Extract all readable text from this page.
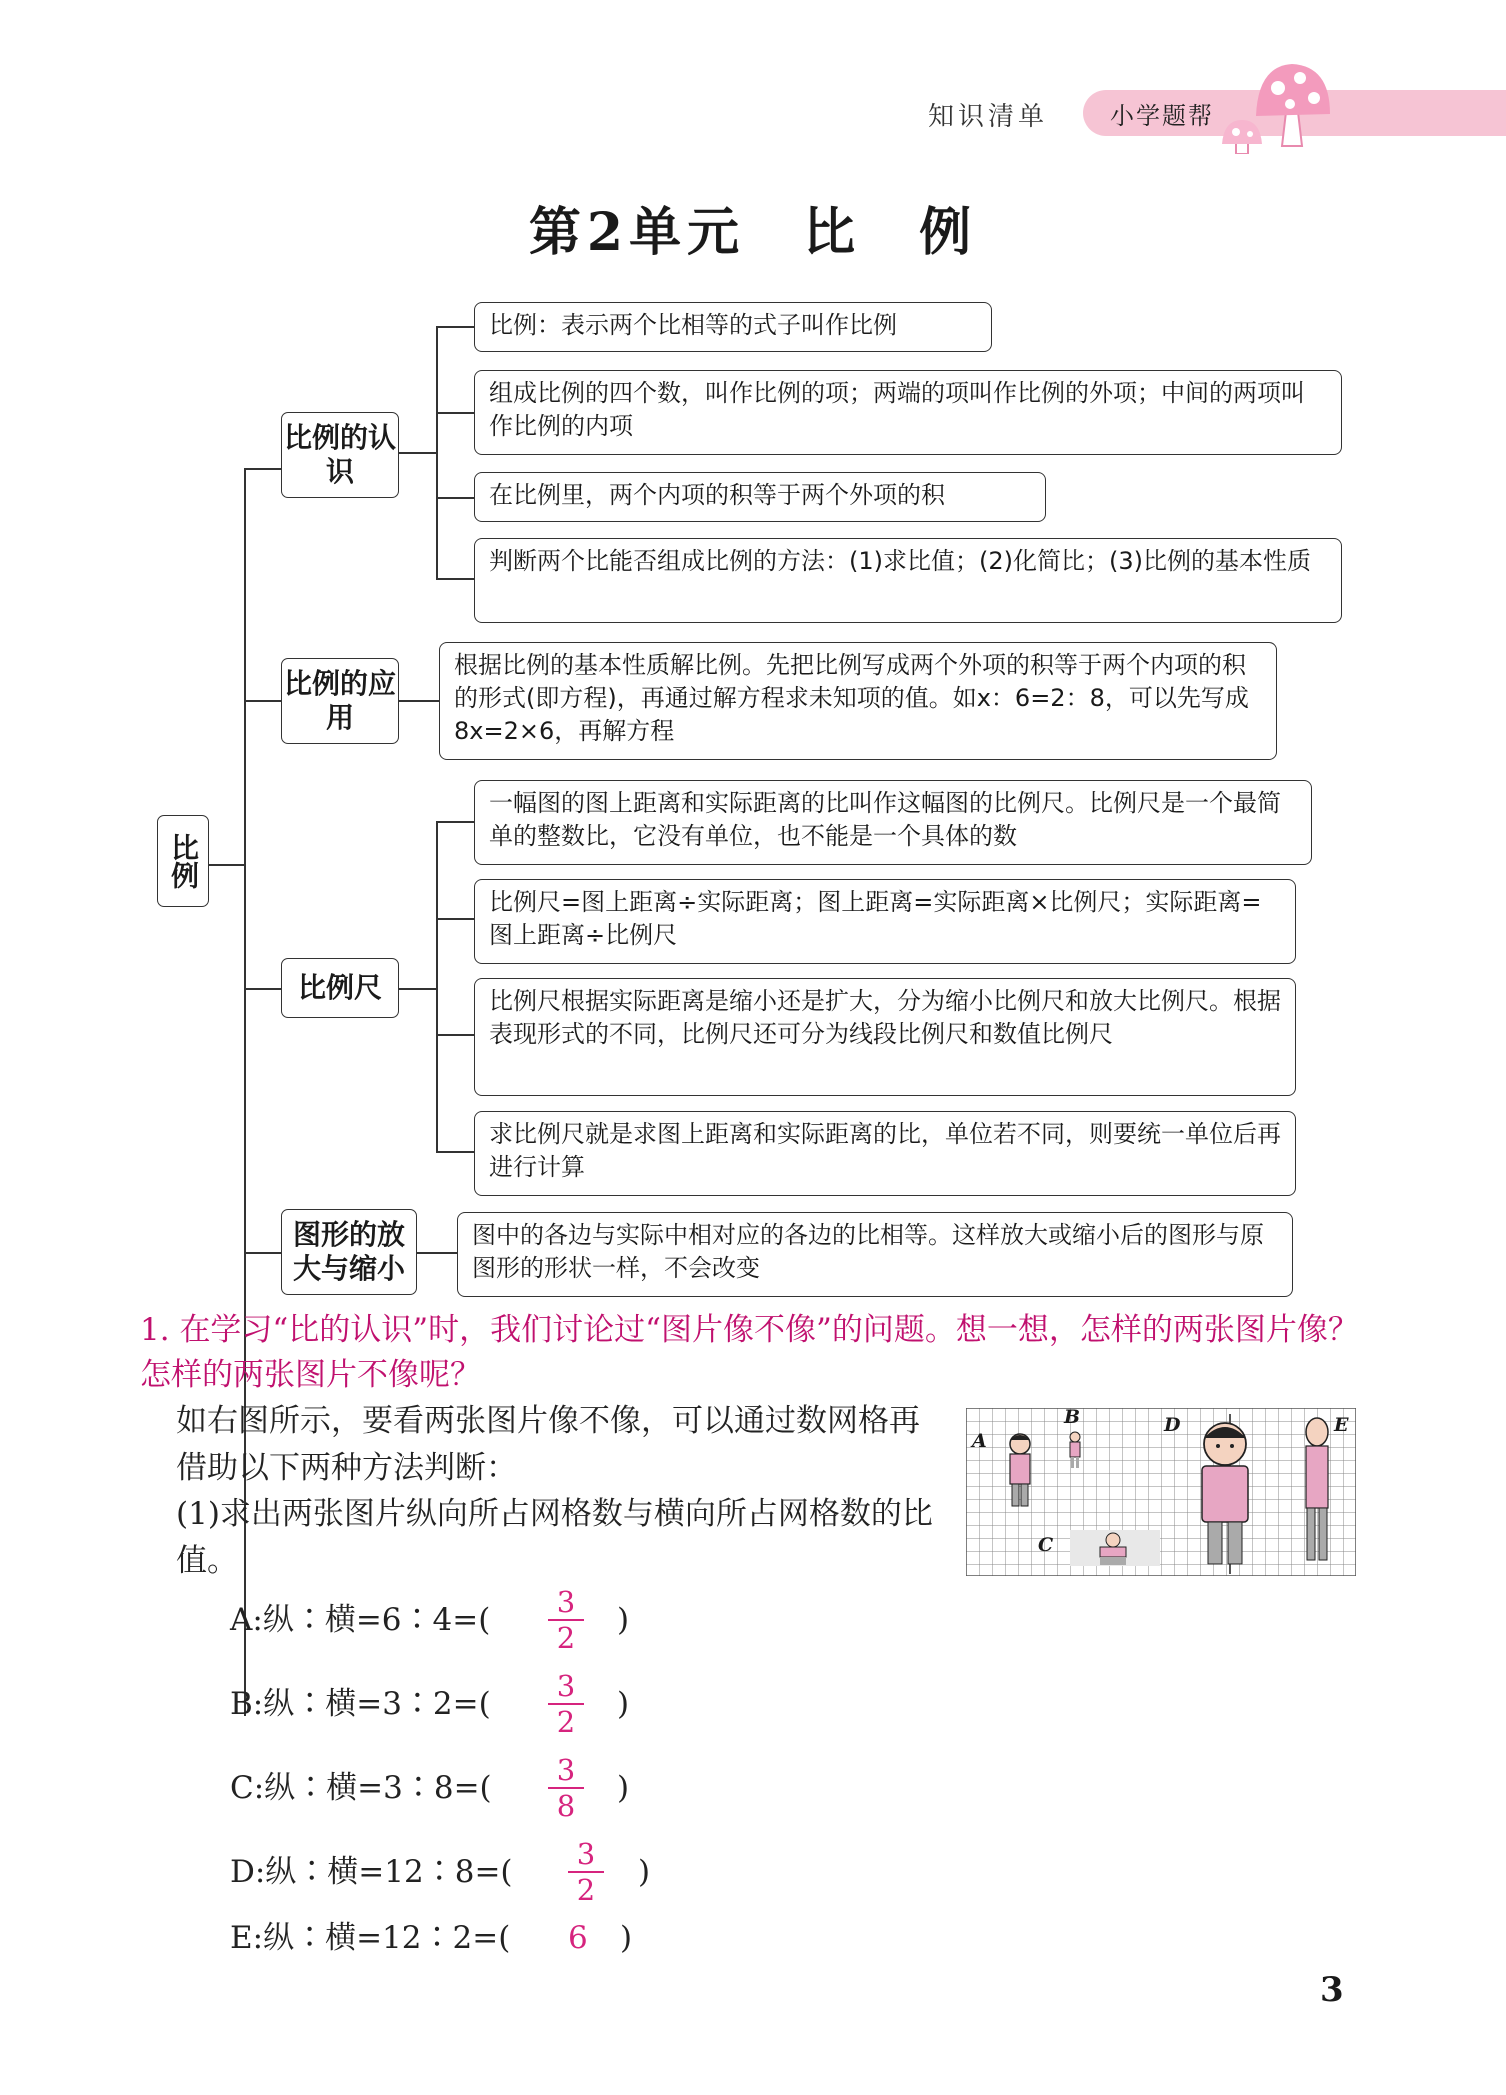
知识清单	小学题帮
第2单元　比　例
比例
比例的认识
比例的应用
比例尺
图形的放大与缩小
比例：表示两个比相等的式子叫作比例
组成比例的四个数，叫作比例的项；两端的项叫作比例的外项；中间的两项叫作比例的内项
在比例里，两个内项的积等于两个外项的积
判断两个比能否组成比例的方法：(1)求比值；(2)化简比；(3)比例的基本性质
根据比例的基本性质解比例。先把比例写成两个外项的积等于两个内项的积的形式(即方程)，再通过解方程求未知项的值。如x：6=2：8，可以先写成8x=2×6，再解方程
一幅图的图上距离和实际距离的比叫作这幅图的比例尺。比例尺是一个最简单的整数比，它没有单位，也不能是一个具体的数
比例尺=图上距离÷实际距离；图上距离=实际距离×比例尺；实际距离=图上距离÷比例尺
比例尺根据实际距离是缩小还是扩大，分为缩小比例尺和放大比例尺。根据表现形式的不同，比例尺还可分为线段比例尺和数值比例尺
求比例尺就是求图上距离和实际距离的比，单位若不同，则要统一单位后再进行计算
图中的各边与实际中相对应的各边的比相等。这样放大或缩小后的图形与原图形的形状一样，不会改变
1. 在学习“比的认识”时，我们讨论过“图片像不像”的问题。想一想，怎样的两张图片像？怎样的两张图片不像呢？
如右图所示，要看两张图片像不像，可以通过数网格再借助以下两种方法判断：
(1)求出两张图片纵向所占网格数与横向所占网格数的比值。
A
B
C
D	E
A:纵∶横=6∶4=(	3
2	)
B:纵∶横=3∶2=(	3
2	)
C:纵∶横=3∶8=(	3
8	)
D:纵∶横=12∶8=(	3
2	)
E:纵∶横=12∶2=( 6 )
3
